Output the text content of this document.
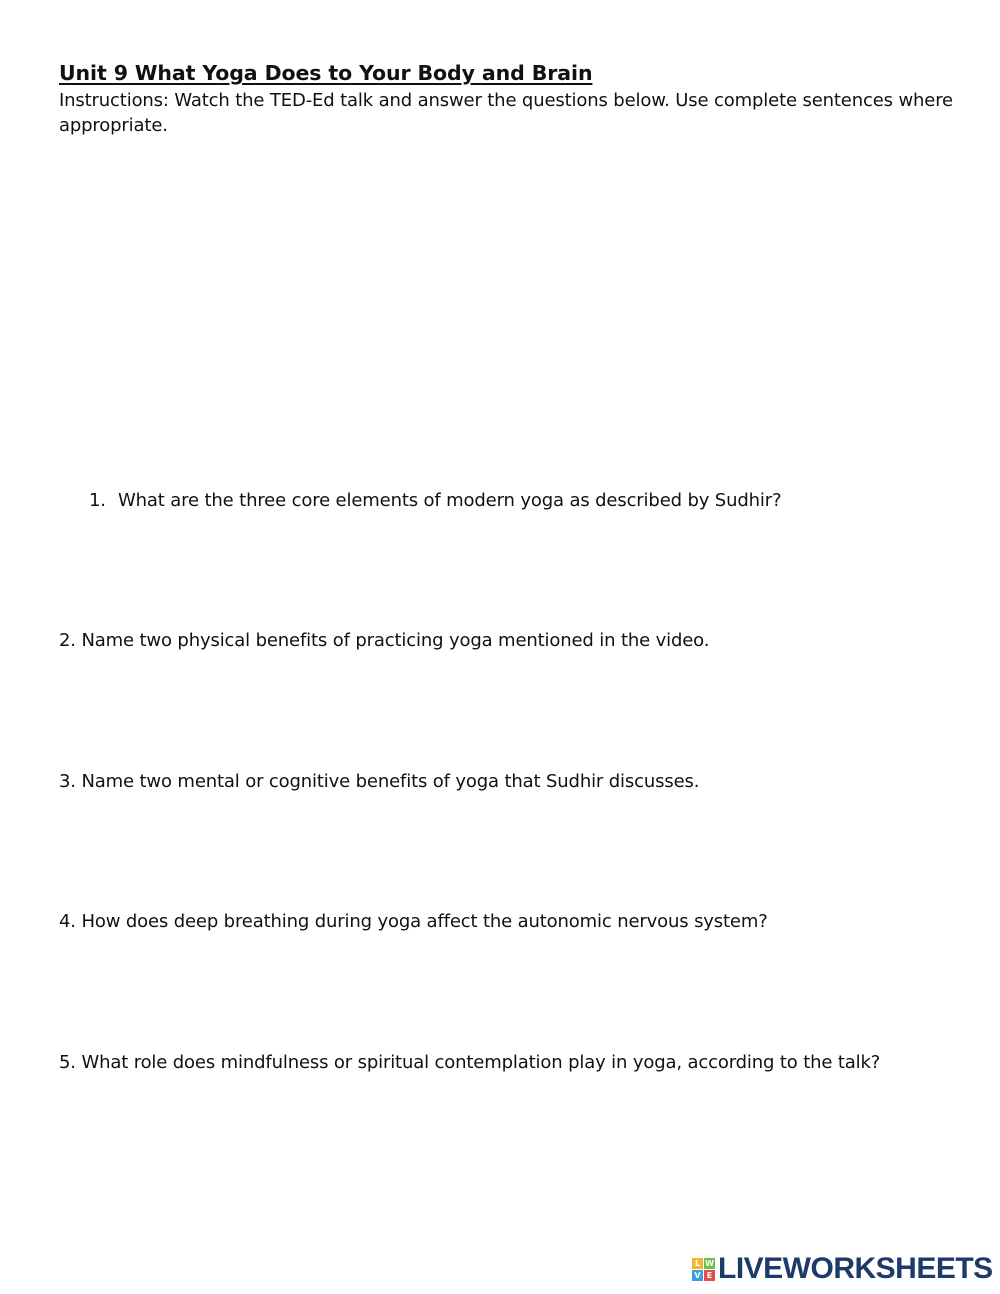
Unit 9 What Yoga Does to Your Body and Brain
Instructions: Watch the TED-Ed talk and answer the questions below. Use complete sentences where appropriate.
1. What are the three core elements of modern yoga as described by Sudhir?
2. Name two physical benefits of practicing yoga mentioned in the video.
3. Name two mental or cognitive benefits of yoga that Sudhir discusses.
4. How does deep breathing during yoga affect the autonomic nervous system?
5. What role does mindfulness or spiritual contemplation play in yoga, according to the talk?
L W
V E LIVEWORKSHEETS
